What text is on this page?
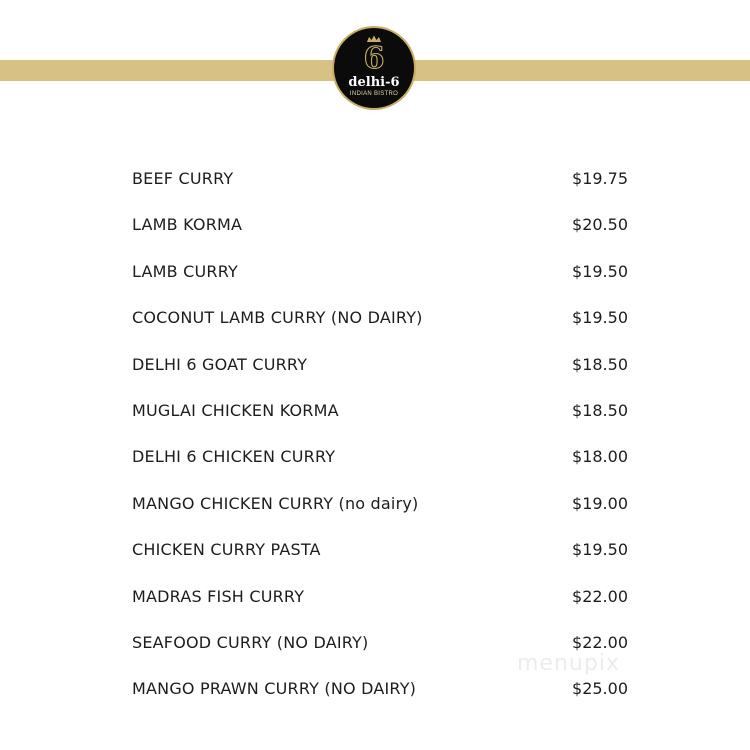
6
delhi-6
INDIAN BISTRO
BEEF CURRY	$19.75
LAMB KORMA	$20.50
LAMB CURRY	$19.50
COCONUT LAMB CURRY (NO DAIRY)	$19.50
DELHI 6 GOAT CURRY	$18.50
MUGLAI CHICKEN KORMA	$18.50
DELHI 6 CHICKEN CURRY	$18.00
MANGO CHICKEN CURRY (no dairy)	$19.00
CHICKEN CURRY PASTA	$19.50
MADRAS FISH CURRY	$22.00
SEAFOOD CURRY (NO DAIRY)	$22.00
MANGO PRAWN CURRY (NO DAIRY)	$25.00
menupix
